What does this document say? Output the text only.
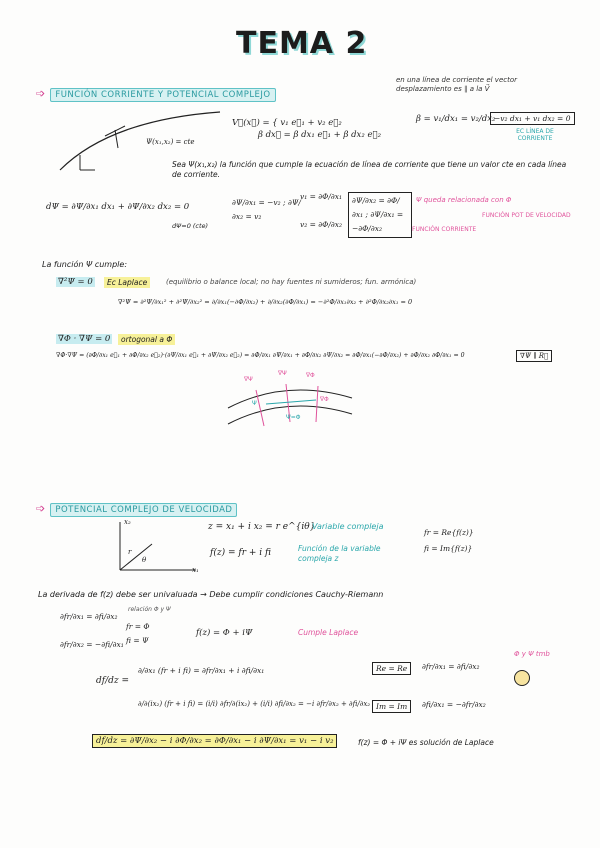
TEMA 2
➩ FUNCIÓN CORRIENTE Y POTENCIAL COMPLEJO
en una línea de corriente el vector desplazamiento es ∥ a la V⃗
Ψ(x₁,x₂) = cte
V⃗(x⃗) = { v₁ e⃗₁ + v₂ e⃗₂
β dx⃗ = β dx₁ e⃗₁ + β dx₂ e⃗₂
β = v₁/dx₁ = v₂/dx₂
−v₂ dx₁ + v₁ dx₂ = 0
EC LÍNEA DE CORRIENTE
Sea Ψ(x₁,x₂) la función que cumple la ecuación de línea de corriente que tiene un valor cte en cada línea de corriente.
dΨ = ∂Ψ/∂x₁ dx₁ + ∂Ψ/∂x₂ dx₂ = 0
dΨ=0 (cte)
∂Ψ/∂x₁ = −v₂ ; ∂Ψ/∂x₂ = v₂
v₁ = ∂Φ/∂x₁
v₂ = ∂Φ/∂x₂
∂Ψ/∂x₂ = ∂Φ/∂x₁ ; ∂Ψ/∂x₁ = −∂Φ/∂x₂
Ψ queda relacionada con Φ
FUNCIÓN POT DE VELOCIDAD
FUNCIÓN CORRIENTE
La función Ψ cumple:
∇²Ψ = 0	Ec Laplace	(equilibrio o balance local; no hay fuentes ni sumideros; fun. armónica)
∇²Ψ = ∂²Ψ/∂x₁² + ∂²Ψ/∂x₂² = ∂/∂x₁(−∂Φ/∂x₂) + ∂/∂x₂(∂Φ/∂x₁) = −∂²Φ/∂x₁∂x₂ + ∂²Φ/∂x₂∂x₁ = 0
∇Φ · ∇Ψ = 0	ortogonal a Φ
∇Φ·∇Ψ = (∂Φ/∂x₁ e⃗₁ + ∂Φ/∂x₂ e⃗₂)·(∂Ψ/∂x₁ e⃗₁ + ∂Ψ/∂x₂ e⃗₂) = ∂Φ/∂x₁ ∂Ψ/∂x₁ + ∂Φ/∂x₂ ∂Ψ/∂x₂ = ∂Φ/∂x₁(−∂Φ/∂x₂) + ∂Φ/∂x₂ ∂Φ/∂x₁ = 0	∇Ψ ∥ R⃗
∇Ψ
∇Ψ	∇Φ
Ψ
∇Φ
Ψ=Φ
➩ POTENCIAL COMPLEJO DE VELOCIDAD
x₂
x₁
r
θ
z = x₁ + i x₂ = r e^{iθ}
Variable compleja
f(z) = fr + i fi	Función de la variable compleja z
fr = Re{f(z)}
fi = Im{f(z)}
La derivada de f(z) debe ser univaluada → Debe cumplir condiciones Cauchy-Riemann
∂fr/∂x₁ = ∂fi/∂x₂
∂fr/∂x₂ = −∂fi/∂x₁
relación Φ y Ψ
fr = Φ
fi = Ψ
f(z) = Φ + iΨ	Cumple Laplace
Φ y Ψ tmb
df/dz =
∂/∂x₁ (fr + i fi) = ∂fr/∂x₁ + i ∂fi/∂x₁
∂/∂(ix₂) (fr + i fi) = (i/i) ∂fr/∂(ix₂) + (i/i) ∂fi/∂x₂ = −i ∂fr/∂x₂ + ∂fi/∂x₂
Re = Re	∂fr/∂x₁ = ∂fi/∂x₂
Im = Im	∂fi/∂x₁ = −∂fr/∂x₂
df/dz = ∂Ψ/∂x₂ − i ∂Φ/∂x₂ = ∂Φ/∂x₁ − i ∂Ψ/∂x₁ = v₁ − i v₂	f(z) = Φ + iΨ es solución de Laplace
